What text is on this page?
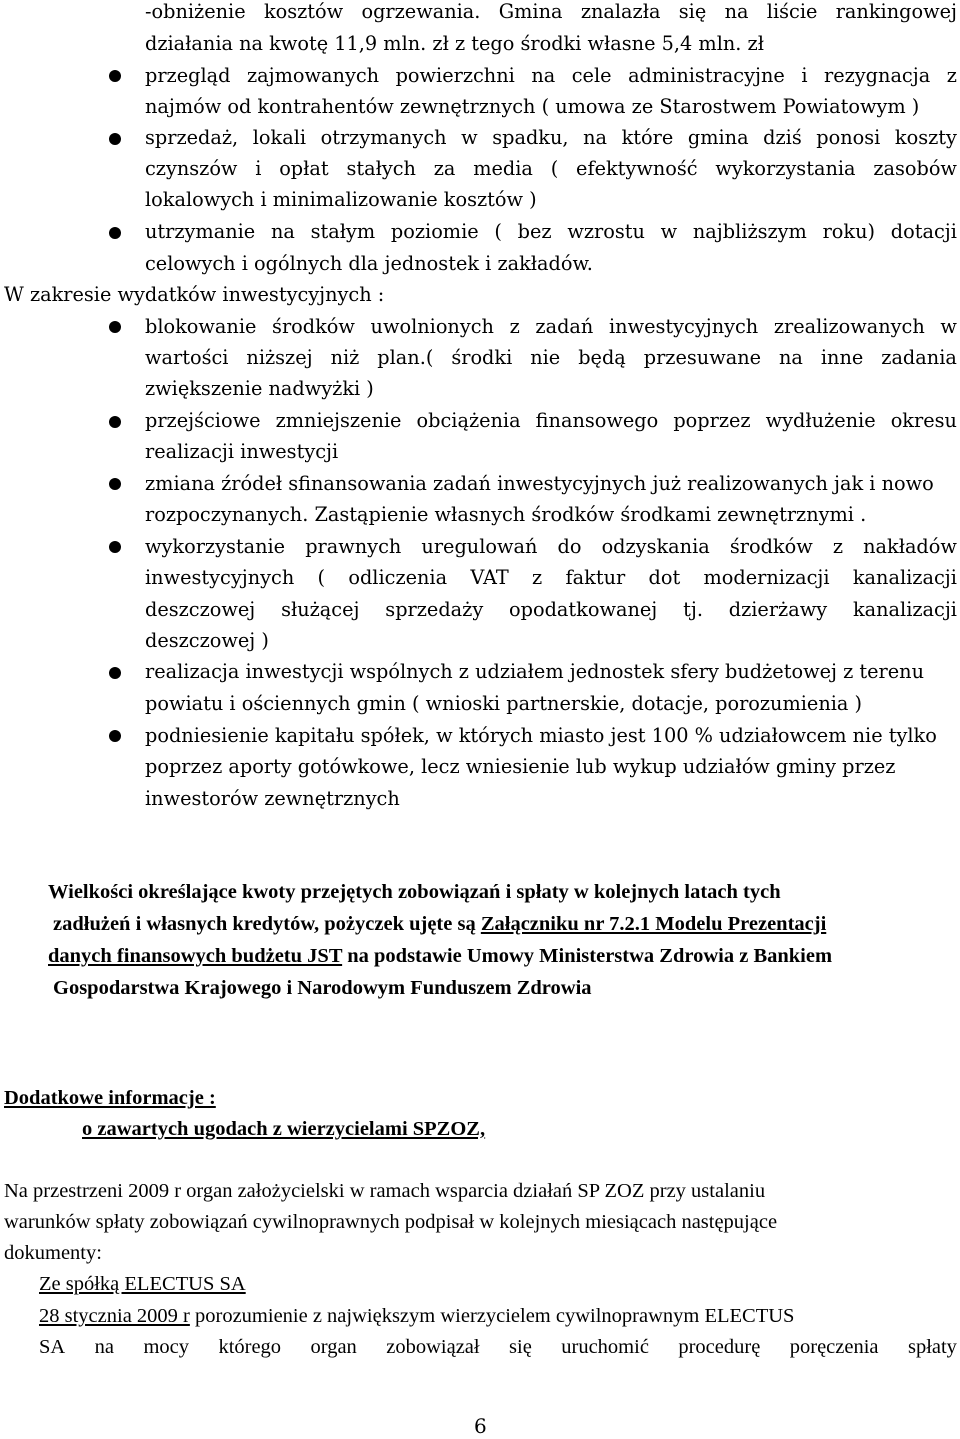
-obniżenie kosztów ogrzewania. Gmina znalazła się na liście rankingowej
działania na kwotę 11,9 mln. zł z tego środki własne 5,4 mln. zł
przegląd zajmowanych powierzchni na cele administracyjne i rezygnacja z
najmów od kontrahentów zewnętrznych ( umowa ze Starostwem Powiatowym )
sprzedaż, lokali otrzymanych w spadku, na które gmina dziś ponosi koszty
czynszów i opłat stałych za media ( efektywność wykorzystania zasobów
lokalowych i minimalizowanie kosztów )
utrzymanie na stałym poziomie ( bez wzrostu w najbliższym roku) dotacji
celowych i ogólnych dla jednostek i zakładów.
W zakresie wydatków inwestycyjnych :
blokowanie środków uwolnionych z zadań inwestycyjnych zrealizowanych w
wartości niższej niż plan.( środki nie będą przesuwane na inne zadania
zwiększenie nadwyżki )
przejściowe zmniejszenie obciążenia finansowego poprzez wydłużenie okresu
realizacji inwestycji
zmiana źródeł sfinansowania zadań inwestycyjnych już realizowanych jak i nowo
rozpoczynanych. Zastąpienie własnych środków środkami zewnętrznymi .
wykorzystanie prawnych uregulowań do odzyskania środków z nakładów
inwestycyjnych ( odliczenia VAT z faktur dot modernizacji kanalizacji
deszczowej służącej sprzedaży opodatkowanej tj. dzierżawy kanalizacji
deszczowej )
realizacja inwestycji wspólnych z udziałem jednostek sfery budżetowej z terenu
powiatu i ościennych gmin ( wnioski partnerskie, dotacje, porozumienia )
podniesienie kapitału spółek, w których miasto jest 100 % udziałowcem nie tylko
poprzez aporty gotówkowe, lecz wniesienie lub wykup udziałów gminy przez
inwestorów zewnętrznych
Wielkości określające kwoty przejętych zobowiązań i spłaty w kolejnych latach tych
zadłużeń i własnych kredytów, pożyczek ujęte są Załączniku nr 7.2.1 Modelu Prezentacji
danych finansowych budżetu JST na podstawie Umowy Ministerstwa Zdrowia z Bankiem
Gospodarstwa Krajowego i Narodowym Funduszem Zdrowia
Dodatkowe informacje :
o zawartych ugodach z wierzycielami SPZOZ,
Na przestrzeni 2009 r organ założycielski w ramach wsparcia działań SP ZOZ przy ustalaniu
warunków spłaty zobowiązań cywilnoprawnych podpisał w kolejnych miesiącach następujące
dokumenty:
Ze spółką ELECTUS SA
28 stycznia 2009 r porozumienie z największym wierzycielem cywilnoprawnym ELECTUS
SA na mocy którego organ zobowiązał się uruchomić procedurę poręczenia spłaty
6
